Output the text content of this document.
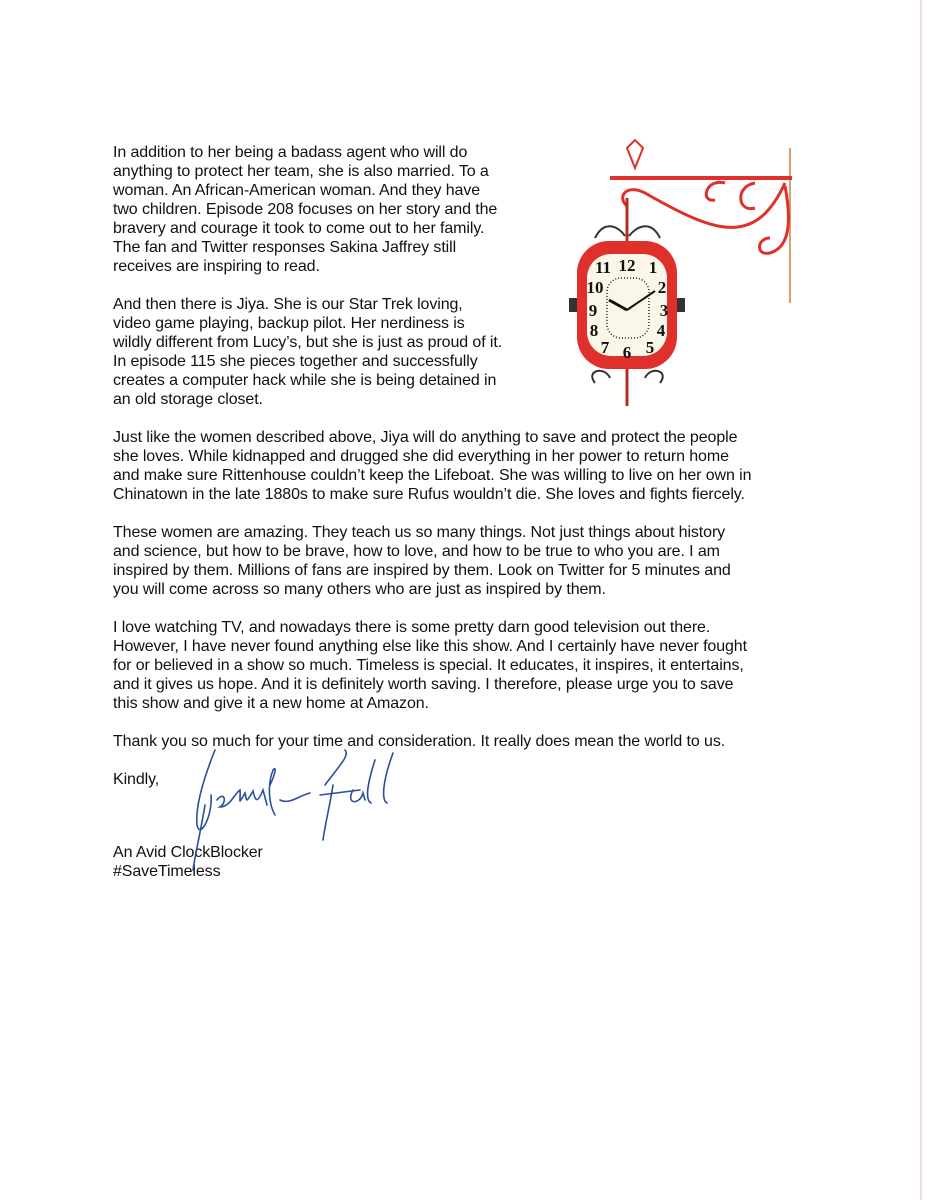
In addition to her being a badass agent who will do
anything to protect her team, she is also married. To a
woman. An African-American woman. And they have
two children. Episode 208 focuses on her story and the
bravery and courage it took to come out to her family.
The fan and Twitter responses Sakina Jaffrey still
receives are inspiring to read.
And then there is Jiya. She is our Star Trek loving,
video game playing, backup pilot. Her nerdiness is
wildly different from Lucy’s, but she is just as proud of it.
In episode 115 she pieces together and successfully
creates a computer hack while she is being detained in
an old storage closet.
Just like the women described above, Jiya will do anything to save and protect the people
she loves. While kidnapped and drugged she did everything in her power to return home
and make sure Rittenhouse couldn’t keep the Lifeboat. She was willing to live on her own in
Chinatown in the late 1880s to make sure Rufus wouldn’t die. She loves and fights fiercely.
These women are amazing. They teach us so many things. Not just things about history
and science, but how to be brave, how to love, and how to be true to who you are. I am
inspired by them. Millions of fans are inspired by them. Look on Twitter for 5 minutes and
you will come across so many others who are just as inspired by them.
I love watching TV, and nowadays there is some pretty darn good television out there.
However, I have never found anything else like this show. And I certainly have never fought
for or believed in a show so much. Timeless is special. It educates, it inspires, it entertains,
and it gives us hope. And it is definitely worth saving. I therefore, please urge you to save
this show and give it a new home at Amazon.
Thank you so much for your time and consideration. It really does mean the world to us.
Kindly,
An Avid ClockBlocker
#SaveTimeless
12 1
2
3
4
5
6
7
8
9
10
11
